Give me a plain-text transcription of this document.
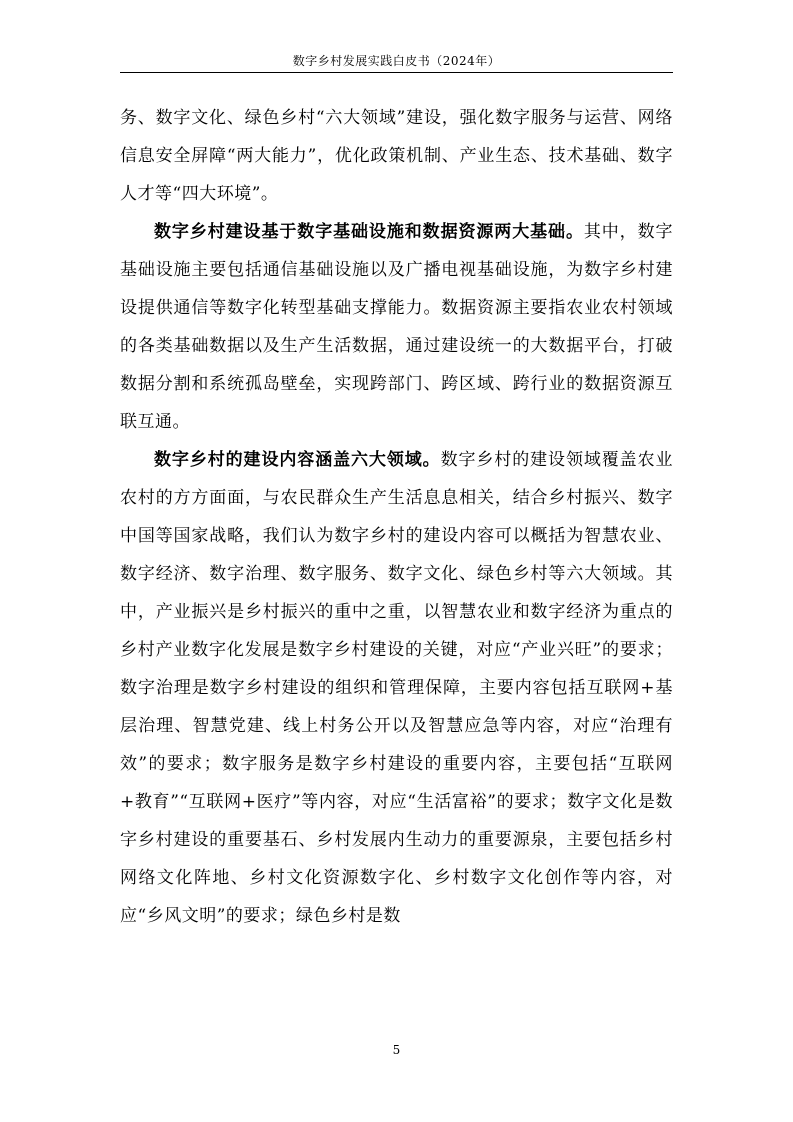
数字乡村发展实践白皮书（2024年）

务、数字文化、绿色乡村“六大领域”建设，强化数字服务与运营、网络信息安全屏障“两大能力”，优化政策机制、产业生态、技术基础、数字人才等“四大环境”。

数字乡村建设基于数字基础设施和数据资源两大基础。其中，数字基础设施主要包括通信基础设施以及广播电视基础设施，为数字乡村建设提供通信等数字化转型基础支撑能力。数据资源主要指农业农村领域的各类基础数据以及生产生活数据，通过建设统一的大数据平台，打破数据分割和系统孤岛壁垒，实现跨部门、跨区域、跨行业的数据资源互联互通。

数字乡村的建设内容涵盖六大领域。数字乡村的建设领域覆盖农业农村的方方面面，与农民群众生产生活息息相关，结合乡村振兴、数字中国等国家战略，我们认为数字乡村的建设内容可以概括为智慧农业、数字经济、数字治理、数字服务、数字文化、绿色乡村等六大领域。其中，产业振兴是乡村振兴的重中之重，以智慧农业和数字经济为重点的乡村产业数字化发展是数字乡村建设的关键，对应“产业兴旺”的要求；数字治理是数字乡村建设的组织和管理保障，主要内容包括互联网+基层治理、智慧党建、线上村务公开以及智慧应急等内容，对应“治理有效”的要求；数字服务是数字乡村建设的重要内容，主要包括“互联网+教育”“互联网+医疗”等内容，对应“生活富裕”的要求；数字文化是数字乡村建设的重要基石、乡村发展内生动力的重要源泉，主要包括乡村网络文化阵地、乡村文化资源数字化、乡村数字文化创作等内容，对应“乡风文明”的要求；绿色乡村是数

5
